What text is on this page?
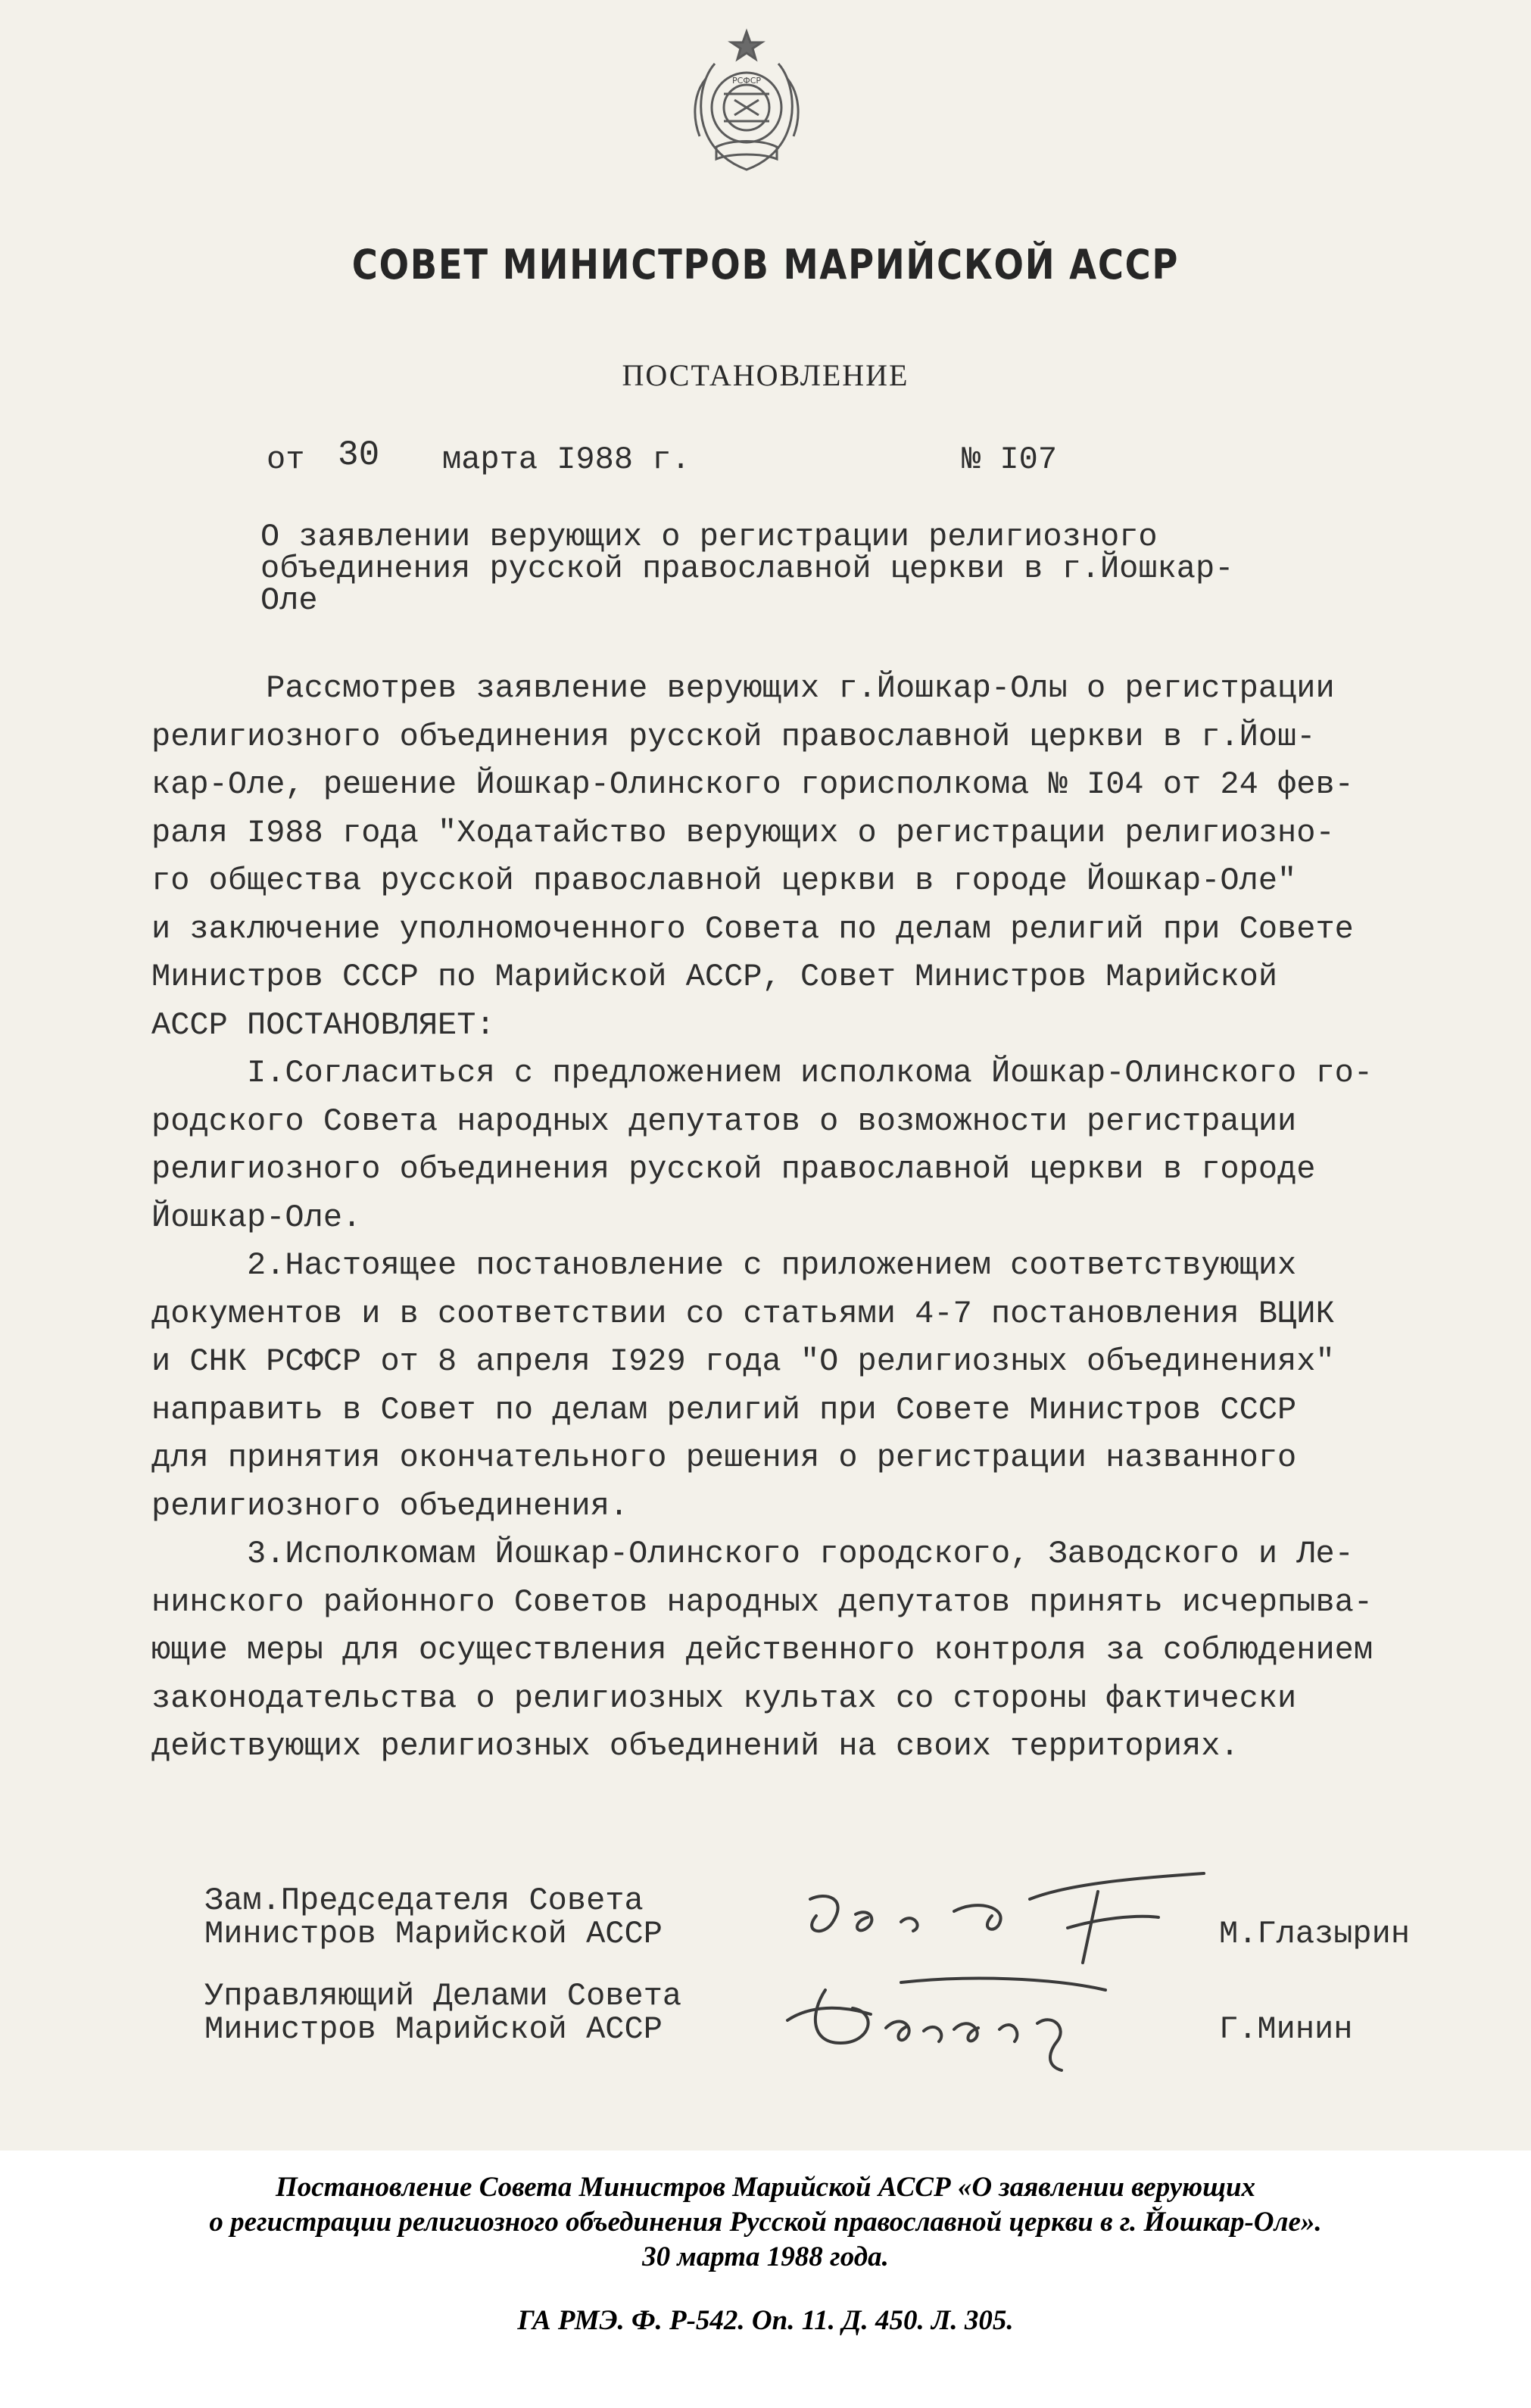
РСФСР
СОВЕТ МИНИСТРОВ МАРИЙСКОЙ АССР
ПОСТАНОВЛЕНИЕ
от 30 марта I988 г.	№ I07
О заявлении верующих о регистрации религиозного
объединения русской православной церкви в г.Йошкар-
Оле
Рассмотрев заявление верующих г.Йошкар-Олы о регистрации
религиозного объединения русской православной церкви в г.Йош-
кар-Оле, решение Йошкар-Олинского горисполкома № I04 от 24 фев-
раля I988 года "Ходатайство верующих о регистрации религиозно-
го общества русской православной церкви в городе Йошкар-Оле"
и заключение уполномоченного Совета по делам религий при Совете
Министров СССР по Марийской АССР, Совет Министров Марийской
АССР ПОСТАНОВЛЯЕТ:
I.Согласиться с предложением исполкома Йошкар-Олинского го-
родского Совета народных депутатов о возможности регистрации
религиозного объединения русской православной церкви в городе
Йошкар-Оле.
2.Настоящее постановление с приложением соответствующих
документов и в соответствии со статьями 4-7 постановления ВЦИК
и СНК РСФСР от 8 апреля I929 года "О религиозных объединениях"
направить в Совет по делам религий при Совете Министров СССР
для принятия окончательного решения о регистрации названного
религиозного объединения.
3.Исполкомам Йошкар-Олинского городского, Заводского и Ле-
нинского районного Советов народных депутатов принять исчерпыва-
ющие меры для осуществления действенного контроля за соблюдением
законодательства о религиозных культах со стороны фактически
действующих религиозных объединений на своих территориях.
Зам.Председателя Совета
Министров Марийской АССР	М.Глазырин
Управляющий Делами Совета
Министров Марийской АССР	Г.Минин
Постановление Совета Министров Марийской АССР «О заявлении верующих
о регистрации религиозного объединения Русской православной церкви в г. Йошкар-Оле».
30 марта 1988 года.
ГА РМЭ. Ф. Р-542. Оп. 11. Д. 450. Л. 305.
